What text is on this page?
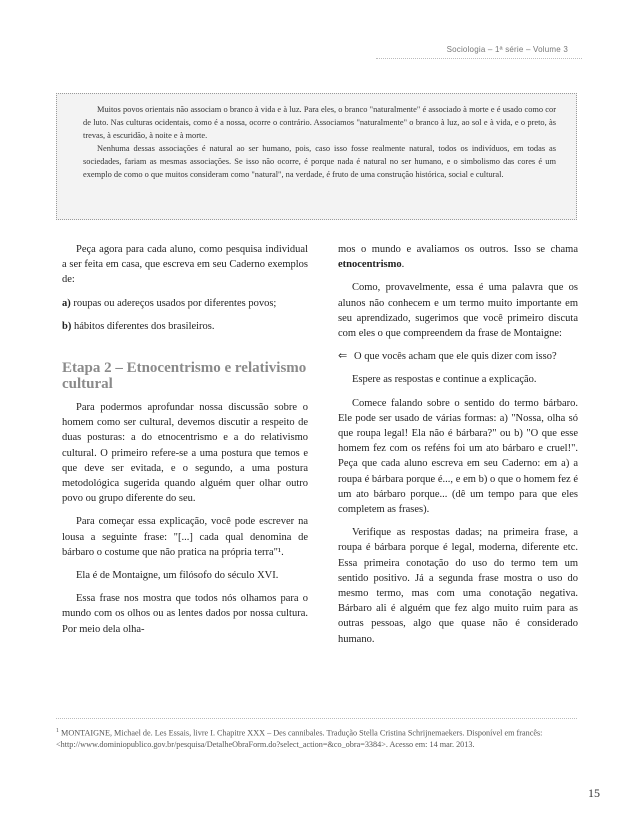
Sociologia – 1ª série – Volume 3

Muitos povos orientais não associam o branco à vida e à luz. Para eles, o branco "naturalmente" é associado à morte e é usado como cor de luto. Nas culturas ocidentais, como é a nossa, ocorre o contrário. Associamos "naturalmente" o branco à luz, ao sol e à vida, e o preto, às trevas, à escuridão, à noite e à morte.

Nenhuma dessas associações é natural ao ser humano, pois, caso isso fosse realmente natural, todos os indivíduos, em todas as sociedades, fariam as mesmas associações. Se isso não ocorre, é porque nada é natural no ser humano, e o simbolismo das cores é um exemplo de como o que muitos consideram como "natural", na verdade, é fruto de uma construção histórica, social e cultural.

Peça agora para cada aluno, como pesquisa individual a ser feita em casa, que escreva em seu Caderno exemplos de:

a) roupas ou adereços usados por diferentes povos;

b) hábitos diferentes dos brasileiros.

Etapa 2 – Etnocentrismo e relativismo cultural

Para podermos aprofundar nossa discussão sobre o homem como ser cultural, devemos discutir a respeito de duas posturas: a do etnocentrismo e a do relativismo cultural. O primeiro refere-se a uma postura que temos e que deve ser evitada, e o segundo, a uma postura metodológica sugerida quando alguém quer olhar outro povo ou grupo diferente do seu.

Para começar essa explicação, você pode escrever na lousa a seguinte frase: "[...] cada qual denomina de bárbaro o costume que não pratica na própria terra"¹.

Ela é de Montaigne, um filósofo do século XVI.

Essa frase nos mostra que todos nós olhamos para o mundo com os olhos ou as lentes dados por nossa cultura. Por meio dela olha-

mos o mundo e avaliamos os outros. Isso se chama etnocentrismo.

Como, provavelmente, essa é uma palavra que os alunos não conhecem e um termo muito importante em seu aprendizado, sugerimos que você primeiro discuta com eles o que compreendem da frase de Montaigne:

⇐ O que vocês acham que ele quis dizer com isso?

Espere as respostas e continue a explicação.

Comece falando sobre o sentido do termo bárbaro. Ele pode ser usado de várias formas: a) "Nossa, olha só que roupa legal! Ela não é bárbara?" ou b) "O que esse homem fez com os reféns foi um ato bárbaro e cruel!". Peça que cada aluno escreva em seu Caderno: em a) a roupa é bárbara porque é..., e em b) o que o homem fez é um ato bárbaro porque... (dê um tempo para que eles completem as frases).

Verifique as respostas dadas; na primeira frase, a roupa é bárbara porque é legal, moderna, diferente etc. Essa primeira conotação do uso do termo tem um sentido positivo. Já a segunda frase mostra o uso do mesmo termo, mas com uma conotação negativa. Bárbaro ali é alguém que fez algo muito ruim para as outras pessoas, algo que quase não é considerado humano.

$^1$ MONTAIGNE, Michael de. Les Essais, livre I. Chapitre XXX – Des cannibales. Tradução Stella Cristina Schrijnemaekers. Disponível em francês: <http://www.dominiopublico.gov.br/pesquisa/DetalheObraForm.do?select_action=&co_obra=3384>. Acesso em: 14 mar. 2013.
15
